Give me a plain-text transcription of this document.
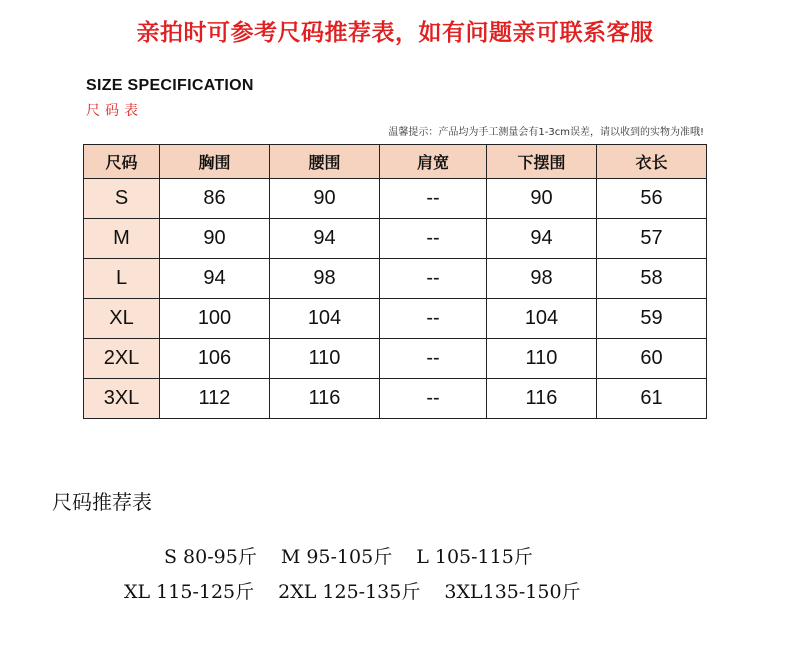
亲拍时可参考尺码推荐表，如有问题亲可联系客服
SIZE SPECIFICATION
尺码表
温馨提示：产品均为手工测量会有1-3cm误差，请以收到的实物为准哦!
尺码	胸围	腰围	肩宽	下摆围	衣长
S	86	90	--	90	56
M	90	94	--	94	57
L	94	98	--	98	58
XL	100	104	--	104	59
2XL	106	110	--	110	60
3XL	112	116	--	116	61
尺码推荐表
S 80-95斤 M 95-105斤 L 105-115斤
XL 115-125斤 2XL 125-135斤 3XL135-150斤
